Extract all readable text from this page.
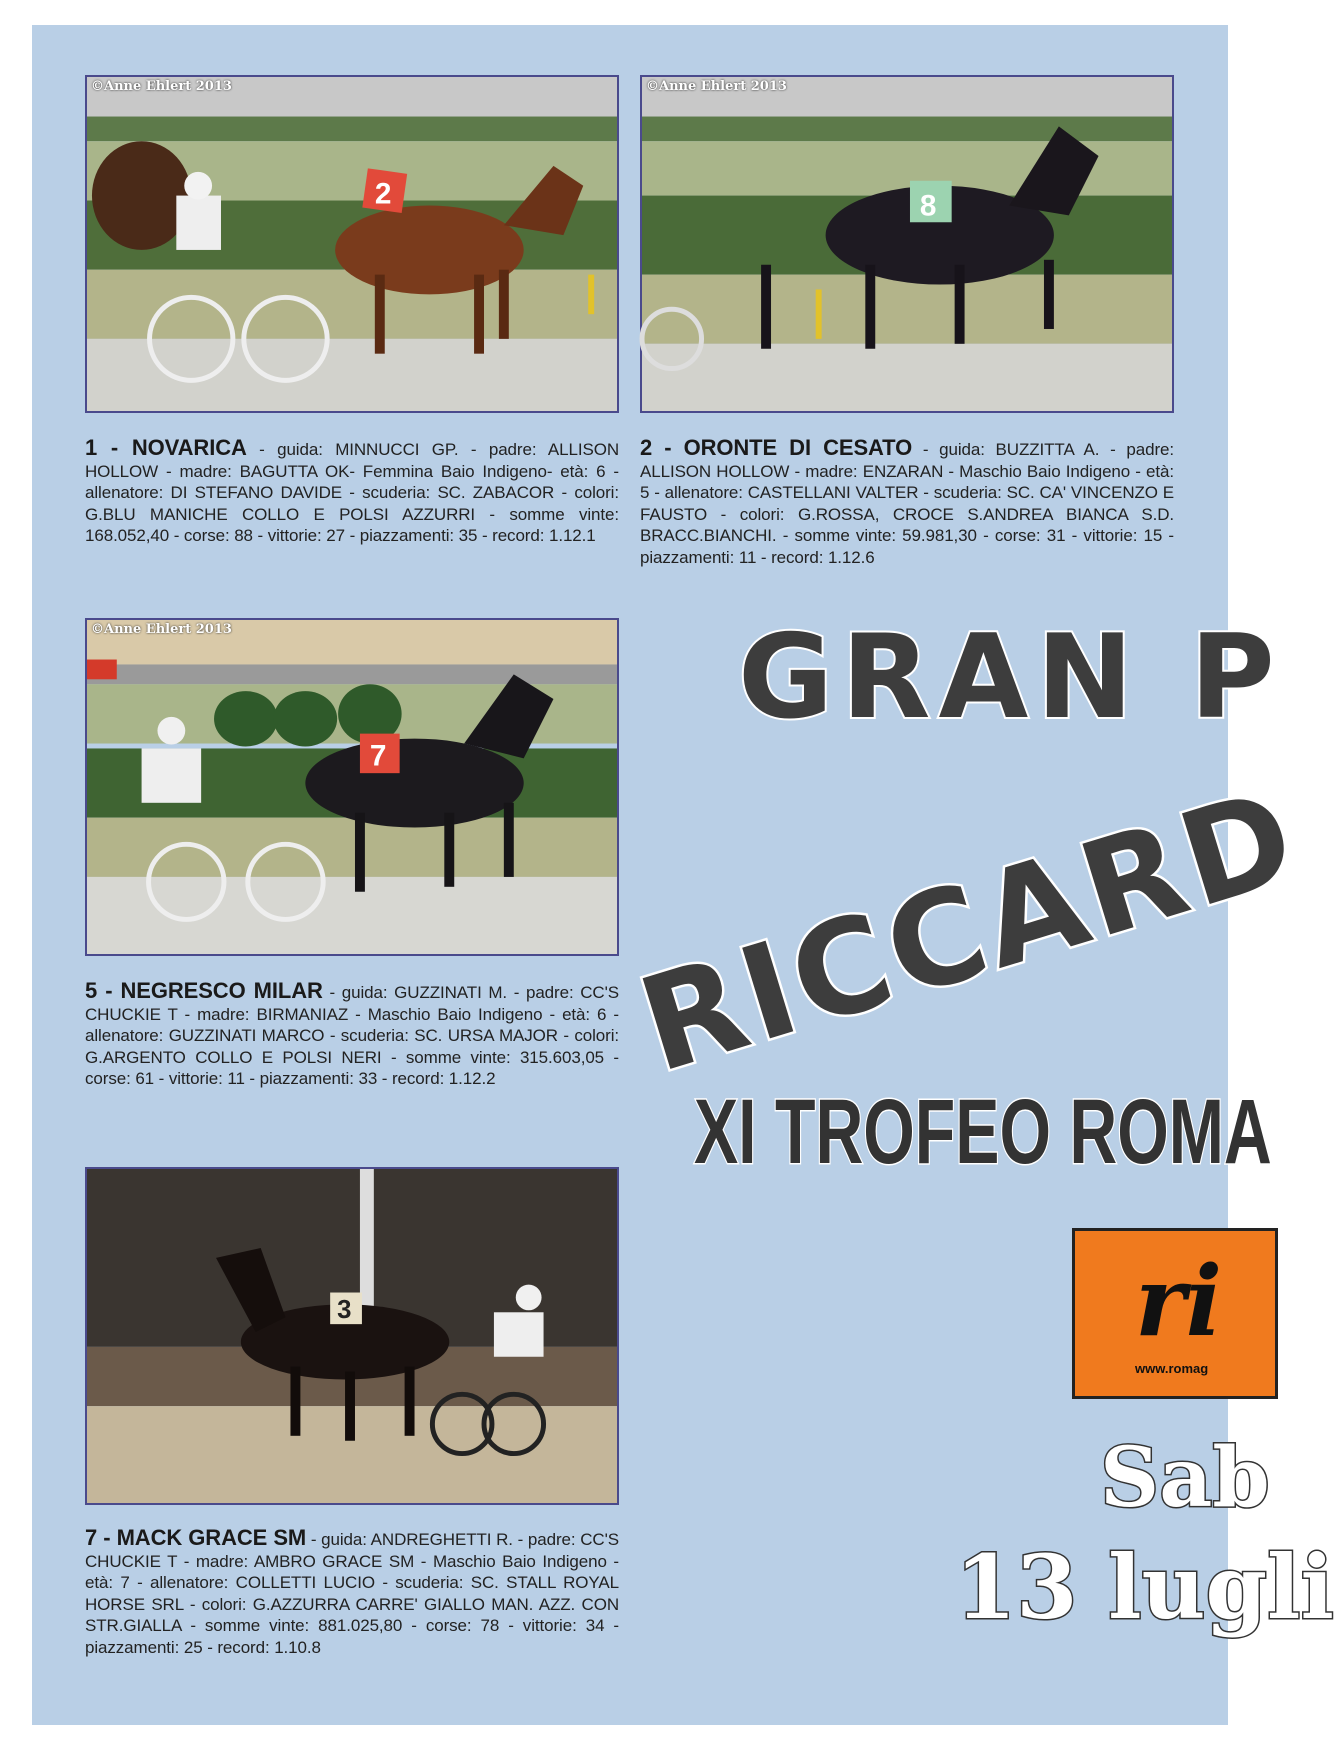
2
©Anne Ehlert 2013
8
©Anne Ehlert 2013
1 - NOVARICA - guida: MINNUCCI GP. - padre: ALLISON HOLLOW - madre: BAGUTTA OK- Femmina Baio Indigeno- età: 6 - allenatore: DI STEFANO DAVIDE - scuderia: SC. ZABACOR - colori: G.BLU MANICHE COLLO E POLSI AZZURRI - somme vinte: 168.052,40 - corse: 88 - vittorie: 27 - piazzamenti: 35 - record: 1.12.1
2 - ORONTE DI CESATO - guida: BUZZITTA A. - padre: ALLISON HOLLOW - madre: ENZARAN - Maschio Baio Indigeno - età: 5 - allenatore: CASTELLANI VALTER - scuderia: SC. CA' VINCENZO E FAUSTO - colori: G.ROSSA, CROCE S.ANDREA BIANCA S.D. BRACC.BIANCHI. - somme vinte: 59.981,30 - corse: 31 - vittorie: 15 - piazzamenti: 11 - record: 1.12.6
7
©Anne Ehlert 2013
5 - NEGRESCO MILAR - guida: GUZZINATI M. - padre: CC'S CHUCKIE T - madre: BIRMANIAZ - Maschio Baio Indigeno - età: 6 - allenatore: GUZZINATI MARCO - scuderia: SC. URSA MAJOR - colori: G.ARGENTO COLLO E POLSI NERI - somme vinte: 315.603,05 - corse: 61 - vittorie: 11 - piazzamenti: 33 - record: 1.12.2
3
7 - MACK GRACE SM - guida: ANDREGHETTI R. - padre: CC'S CHUCKIE T - madre: AMBRO GRACE SM - Maschio Baio Indigeno - età: 7 - allenatore: COLLETTI LUCIO - scuderia: SC. STALL ROYAL HORSE SRL - colori: G.AZZURRA CARRE' GIALLO MAN. AZZ. CON STR.GIALLA - somme vinte: 881.025,80 - corse: 78 - vittorie: 34 - piazzamenti: 25 - record: 1.10.8
GRAN P
RICCARD
XI TROFEO ROMA
ri
www.romag
Sab
13 lugli
